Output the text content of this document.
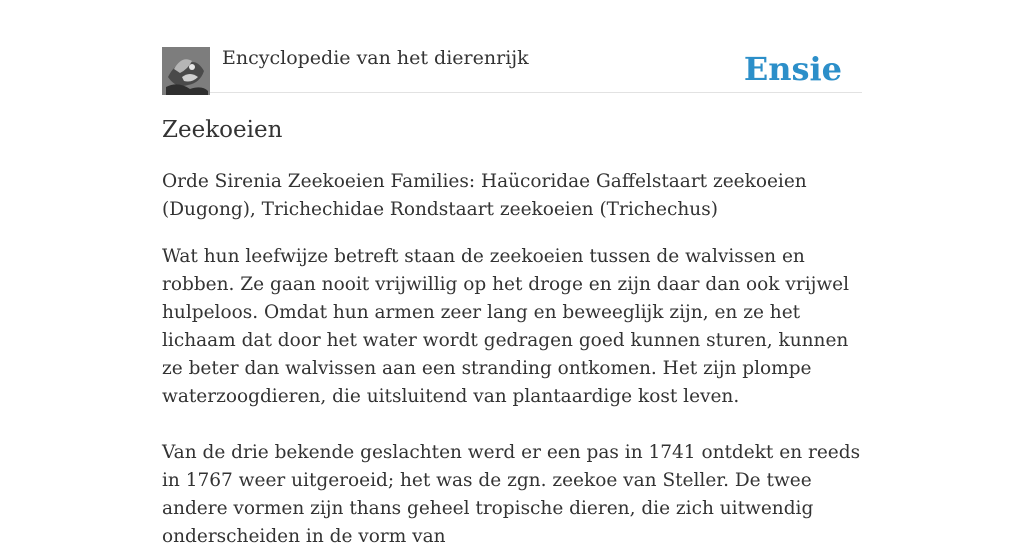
Encyclopedie van het dierenrijk	Ensie
Zeekoeien

Orde Sirenia Zeekoeien Families: Haücoridae Gaffelstaart zeekoeien (Dugong), Trichechidae Rondstaart zeekoeien (Trichechus)

Wat hun leefwijze betreft staan de zeekoeien tussen de walvissen en robben. Ze gaan nooit vrijwillig op het droge en zijn daar dan ook vrijwel hulpeloos. Omdat hun armen zeer lang en beweeglijk zijn, en ze het lichaam dat door het water wordt gedragen goed kunnen sturen, kunnen ze beter dan walvissen aan een stranding ontkomen. Het zijn plompe waterzoogdieren, die uitsluitend van plantaardige kost leven.

Van de drie bekende geslachten werd er een pas in 1741 ontdekt en reeds in 1767 weer uitgeroeid; het was de zgn. zeekoe van Steller. De twee andere vormen zijn thans geheel tropische dieren, die zich uitwendig onderscheiden in de vorm van
